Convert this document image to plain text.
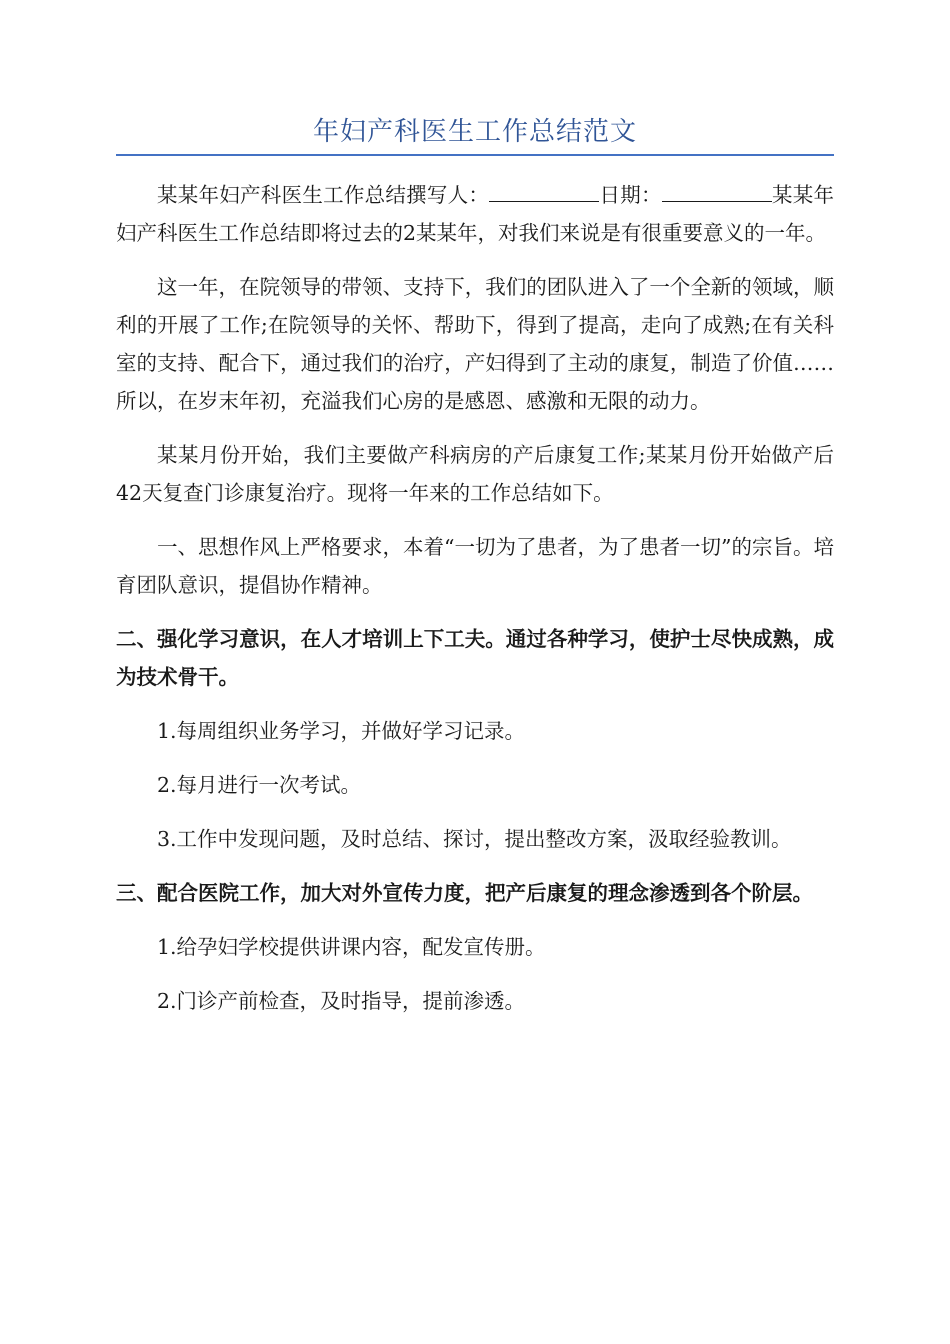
年妇产科医生工作总结范文

某某年妇产科医生工作总结撰写人：	日期：	某某年妇产科医生工作总结即将过去的2某某年，对我们来说是有很重要意义的一年。

这一年，在院领导的带领、支持下，我们的团队进入了一个全新的领域，顺利的开展了工作;在院领导的关怀、帮助下，得到了提高，走向了成熟;在有关科室的支持、配合下，通过我们的治疗，产妇得到了主动的康复，制造了价值……所以，在岁末年初，充溢我们心房的是感恩、感激和无限的动力。

某某月份开始，我们主要做产科病房的产后康复工作;某某月份开始做产后42天复查门诊康复治疗。现将一年来的工作总结如下。

一、思想作风上严格要求，本着“一切为了患者，为了患者一切”的宗旨。培育团队意识，提倡协作精神。

二、强化学习意识，在人才培训上下工夫。通过各种学习，使护士尽快成熟，成为技术骨干。

1.每周组织业务学习，并做好学习记录。

2.每月进行一次考试。

3.工作中发现问题，及时总结、探讨，提出整改方案，汲取经验教训。

三、配合医院工作，加大对外宣传力度，把产后康复的理念渗透到各个阶层。

1.给孕妇学校提供讲课内容，配发宣传册。

2.门诊产前检查，及时指导，提前渗透。
